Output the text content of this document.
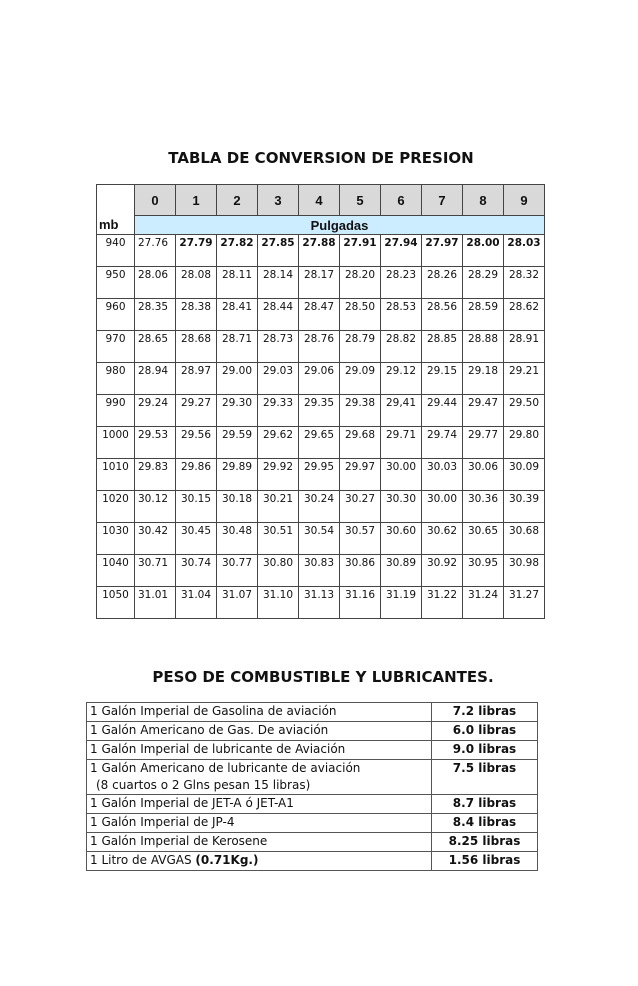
TABLA DE CONVERSION DE PRESION
	0	1	2	3	4	5	6	7	8	9
mb	Pulgadas									
940	27.76	27.79	27.82	27.85	27.88	27.91	27.94	27.97	28.00	28.03
950	28.06	28.08	28.11	28.14	28.17	28.20	28.23	28.26	28.29	28.32
960	28.35	28.38	28.41	28.44	28.47	28.50	28.53	28.56	28.59	28.62
970	28.65	28.68	28.71	28.73	28.76	28.79	28.82	28.85	28.88	28.91
980	28.94	28.97	29.00	29.03	29.06	29.09	29.12	29.15	29.18	29.21
990	29.24	29.27	29.30	29.33	29.35	29.38	29,41	29.44	29.47	29.50
1000	29.53	29.56	29.59	29.62	29.65	29.68	29.71	29.74	29.77	29.80
1010	29.83	29.86	29.89	29.92	29.95	29.97	30.00	30.03	30.06	30.09
1020	30.12	30.15	30.18	30.21	30.24	30.27	30.30	30.00	30.36	30.39
1030	30.42	30.45	30.48	30.51	30.54	30.57	30.60	30.62	30.65	30.68
1040	30.71	30.74	30.77	30.80	30.83	30.86	30.89	30.92	30.95	30.98
1050	31.01	31.04	31.07	31.10	31.13	31.16	31.19	31.22	31.24	31.27
PESO DE COMBUSTIBLE Y LUBRICANTES.
1 Galón Imperial de Gasolina de aviación	7.2 libras
1 Galón Americano de Gas. De aviación	6.0 libras
1 Galón Imperial de lubricante de Aviación	9.0 libras
1 Galón Americano de lubricante de aviación
(8 cuartos o 2 Glns pesan 15 libras)	7.5 libras
1 Galón Imperial de JET-A ó JET-A1	8.7 libras
1 Galón Imperial de JP-4	8.4 libras
1 Galón Imperial de Kerosene	8.25 libras
1 Litro de AVGAS (0.71Kg.)	1.56 libras
